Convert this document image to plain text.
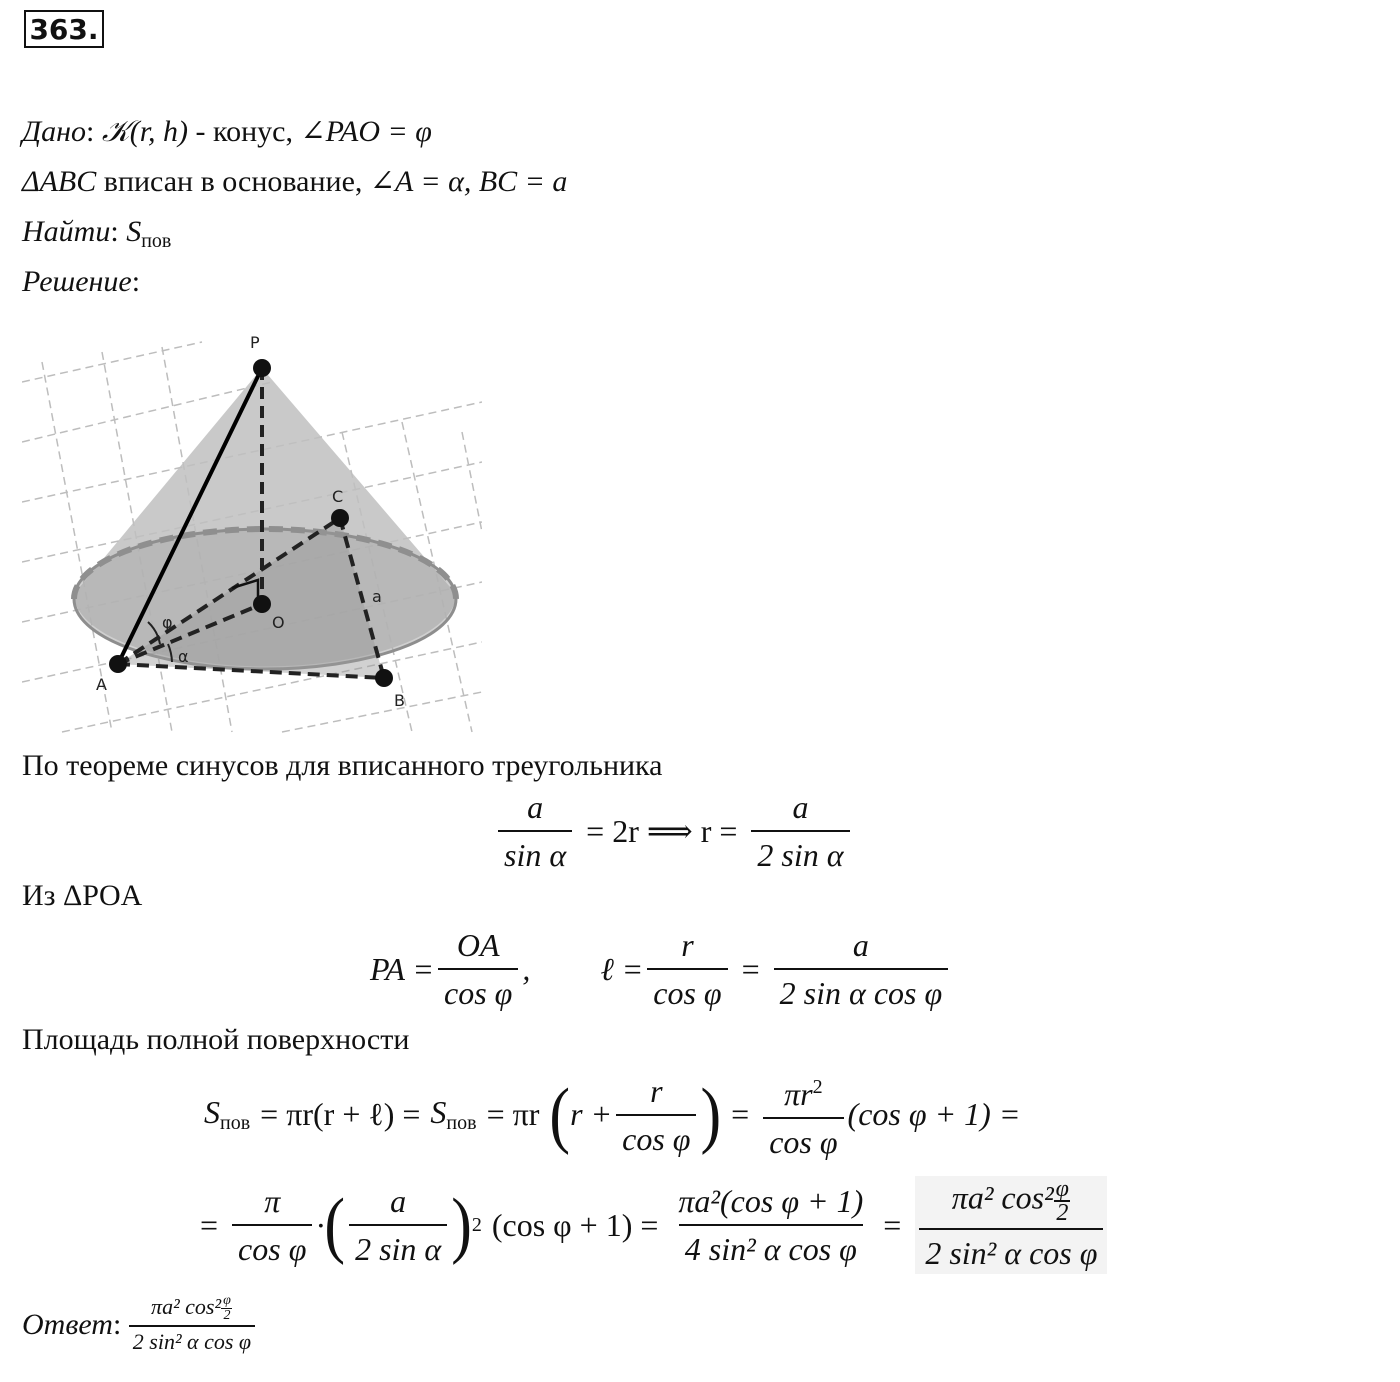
363.
Дано: 𝒦(r, h) - конус, ∠PAO = φ
ΔABC вписан в основание, ∠A = α, BC = a
Найти: $S_{пов}$
Решение:
P
C
O
A
B
a
φ
α
По теореме синусов для вписанного треугольника
$\frac{a}{\text{sin α}} = 2r$ ⟹ $r = \frac{a}{\text{2 sin α}}$
Из ΔPOA
PA = $\frac{OA}{\text{cos φ}}$ , ℓ = $\frac{r}{\text{cos φ}} = \frac{a}{\text{2 sin α cos φ}}$
Площадь полной поверхности
$S_{пов} = \pi r(r$ + ℓ) = $S_{пов} = \pi r$ ( $r + \frac{r}{\text{cos φ}}$ ) = $\frac{\pi r^2}{\text{cos φ}} (\cos$ φ + 1) =
= $\frac{\pi}{\text{cos φ}}$ · ( $\frac{a}{\text{2 sin α}}$ ) 2 (cos $\varphi + 1) = \frac{\text{πa²(cos φ + 1)}}{\text{4 sin² α cos φ}} = \frac{\pi a^2 \cos^2 \frac{\varphi}{2}}{\text{2 sin² α cos φ}}$
Ответ : $\frac{\pi a^2 \cos^2 \frac{\varphi}{2}}{\text{2 sin² α cos φ}}$
